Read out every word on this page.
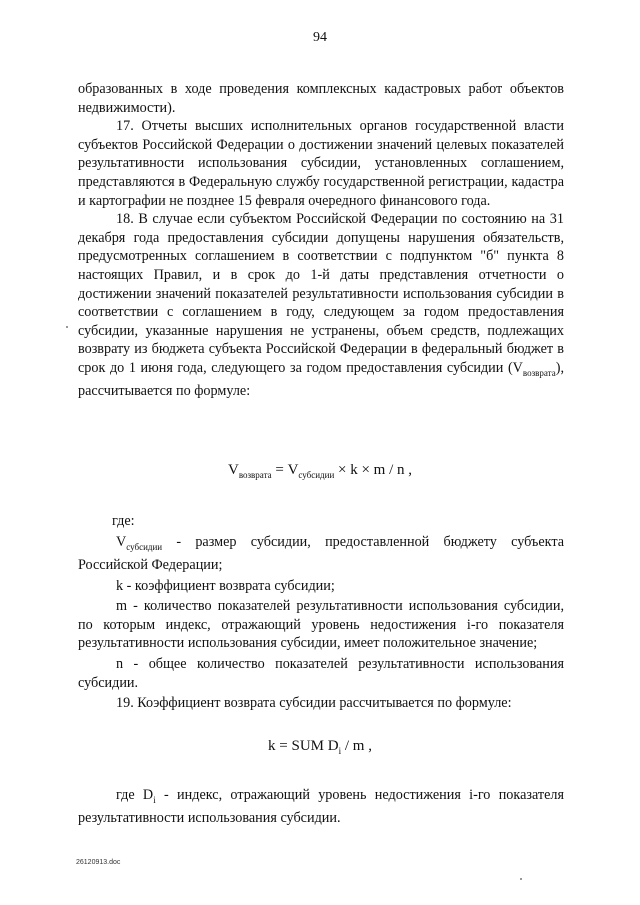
94

образованных в ходе проведения комплексных кадастровых работ объектов недвижимости).

17. Отчеты высших исполнительных органов государственной власти субъектов Российской Федерации о достижении значений целевых показателей результативности использования субсидии, установленных соглашением, представляются в Федеральную службу государственной регистрации, кадастра и картографии не позднее 15 февраля очередного финансового года.

18. В случае если субъектом Российской Федерации по состоянию на 31 декабря года предоставления субсидии допущены нарушения обязательств, предусмотренных соглашением в соответствии с подпунктом "б" пункта 8 настоящих Правил, и в срок до 1-й даты представления отчетности о достижении значений показателей результативности использования субсидии в соответствии с соглашением в году, следующем за годом предоставления субсидии, указанные нарушения не устранены, объем средств, подлежащих возврату из бюджета субъекта Российской Федерации в федеральный бюджет в срок до 1 июня года, следующего за годом предоставления субсидии $(V_{возврата})$, рассчитывается по формуле:

$V_{возврата} = V_{субсидии} \times k \times m / n$ ,

где:

$V_{субсидии}$ - размер субсидии, предоставленной бюджету субъекта Российской Федерации;

k - коэффициент возврата субсидии;

m - количество показателей результативности использования субсидии, по которым индекс, отражающий уровень недостижения i-го показателя результативности использования субсидии, имеет положительное значение;

n - общее количество показателей результативности использования субсидии.

19. Коэффициент возврата субсидии рассчитывается по формуле:

k = SUM $D_i$ / m ,

где $D_i$ - индекс, отражающий уровень недостижения i-го показателя результативности использования субсидии.

26120913.doc
